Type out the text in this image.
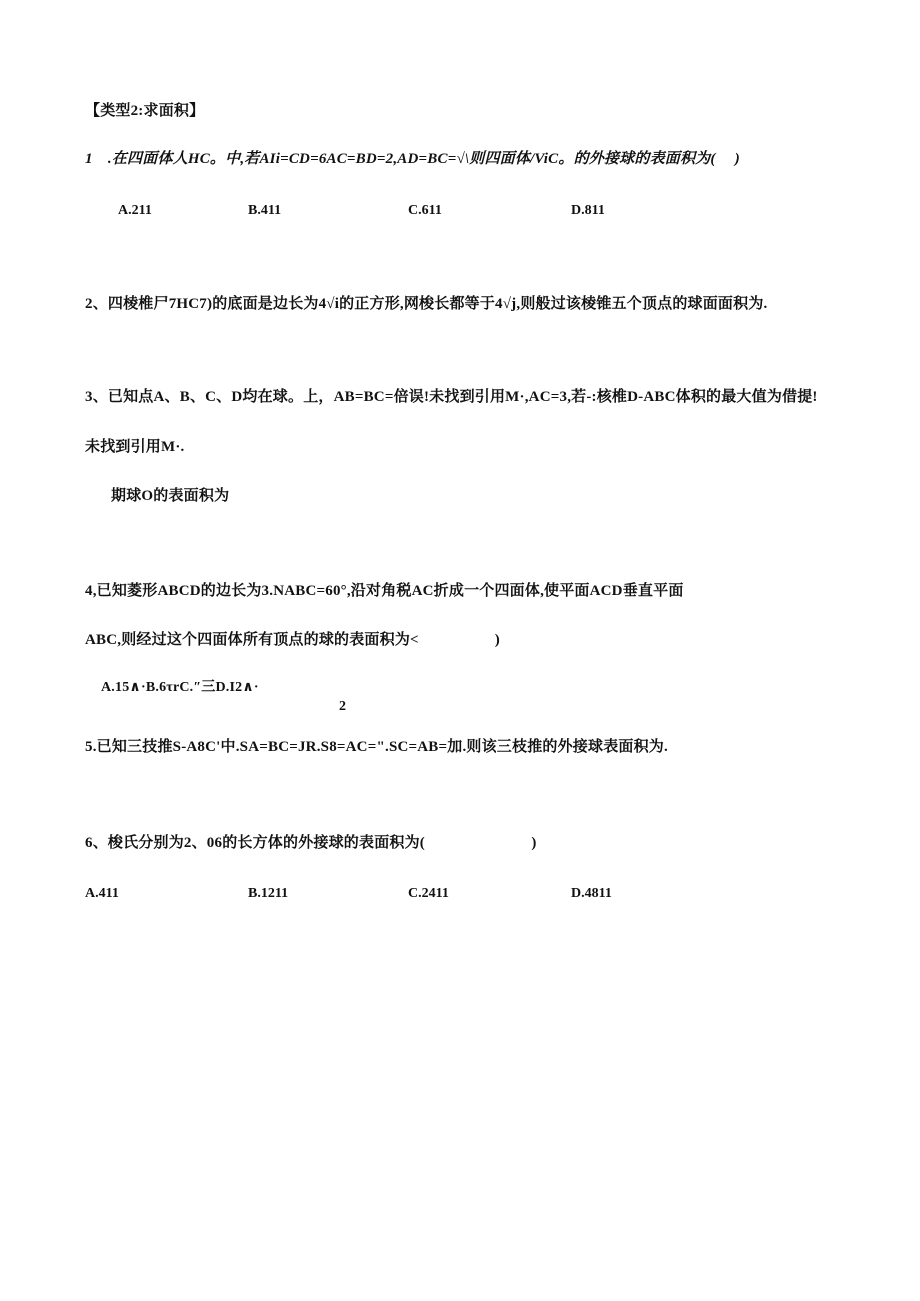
【类型2:求面积】
1　.在四面体人HC。中,若AIi=CD=6AC=BD=2,AD=BC=√\则四面体/ViC。的外接球的表面积为(　 )
A.211	B.411	C.611	D.811
2、四棱椎尸7HC7)的底面是边长为4√i的正方形,网梭长都等于4√j,则般过该棱锥五个顶点的球面面积为.
3、已知点A、B、C、D均在球。上，AB=BC=倍误!未找到引用M·,AC=3,若-:核椎D-ABC体积的最大值为借提!
未找到引用M·.
期球O的表面积为
4,已知菱形ABCD的边长为3.NABC=60°,沿对角税AC折成一个四面体,使平面ACD垂直平面
ABC,则经过这个四面体所有顶点的球的表面积为<　　　　　)
A.15∧·B.6τrC.″三D.I2∧·
2
5.已知三技推S-A8C'中.SA=BC=JR.S8=AC=".SC=AB=加.则该三枝推的外接球表面积为.
6、梭氏分别为2、06的长方体的外接球的表面积为(　　　　　　　)
A.411	B.1211	C.2411	D.4811
